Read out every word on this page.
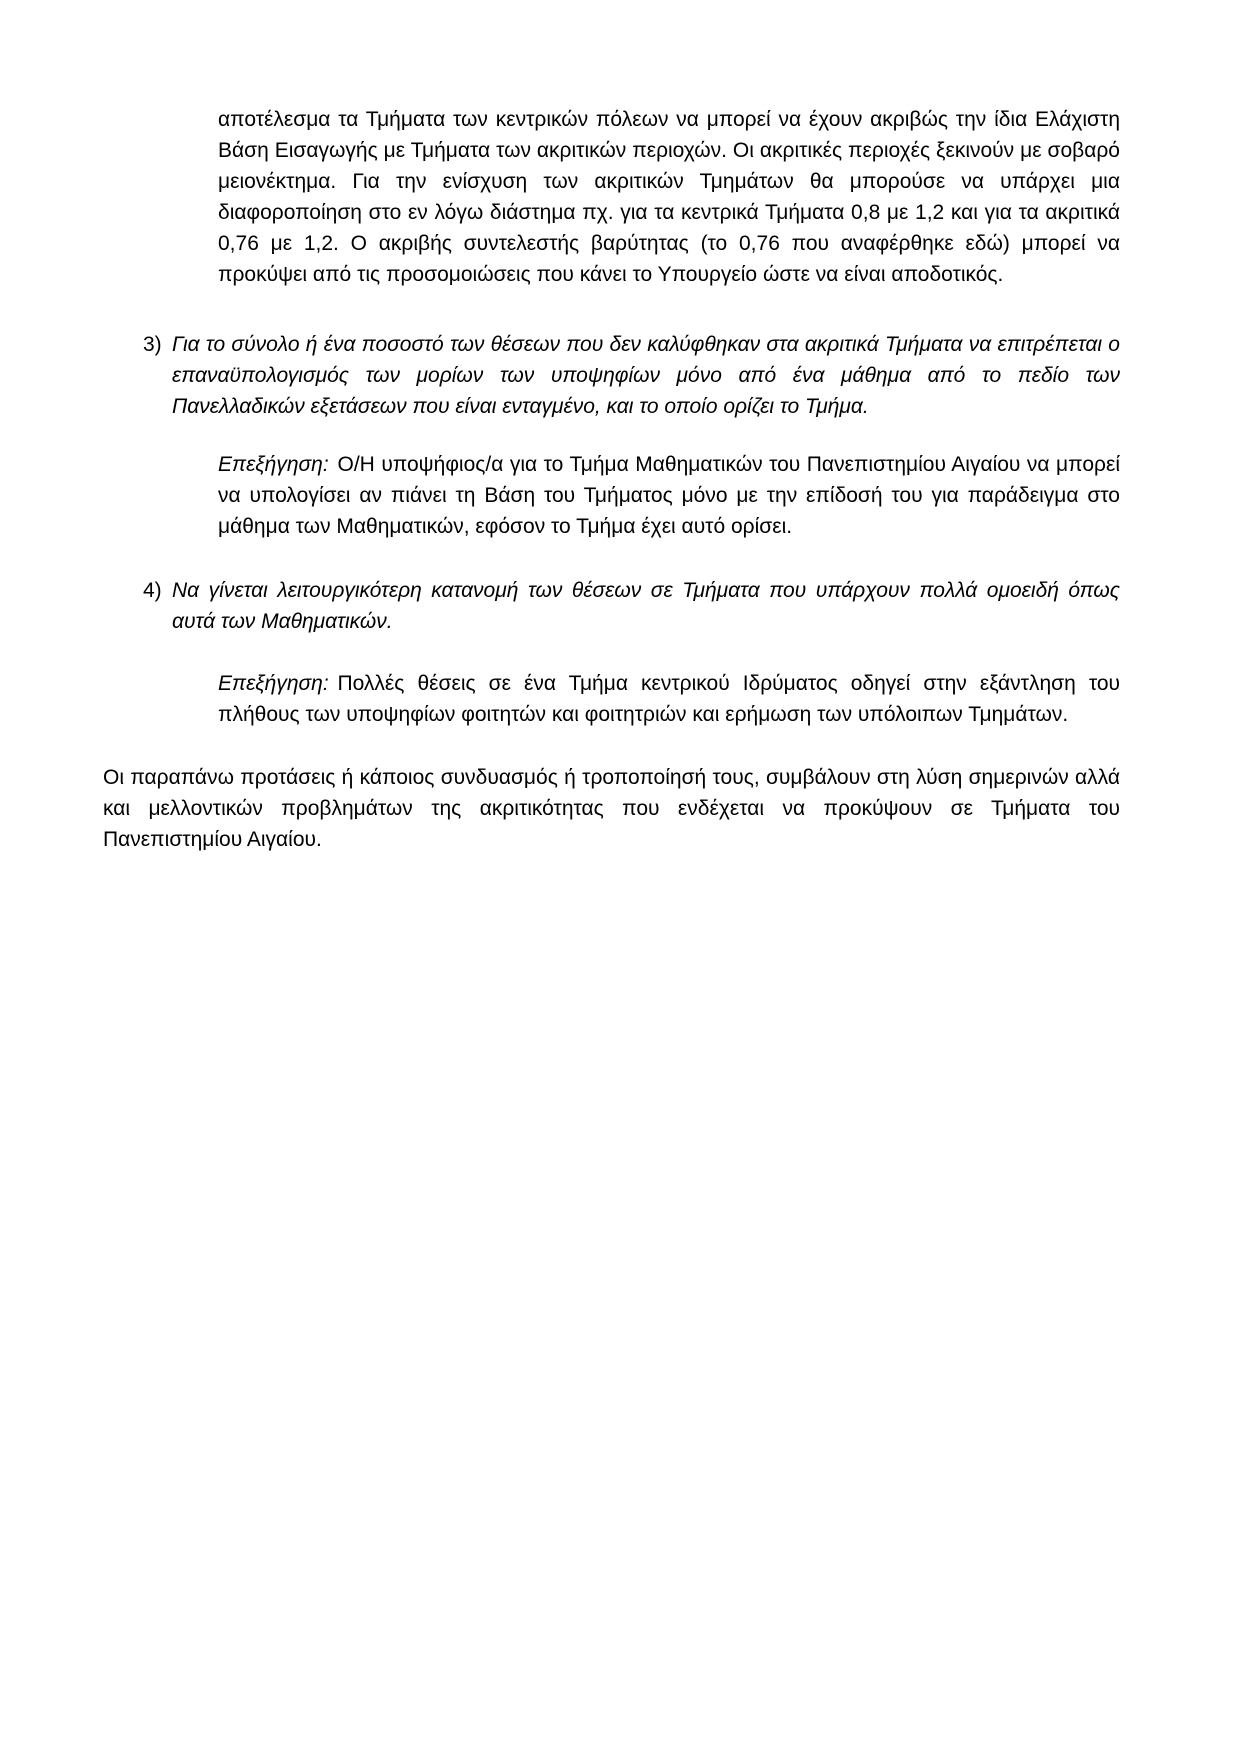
αποτέλεσμα τα Τμήματα των κεντρικών πόλεων να μπορεί να έχουν ακριβώς την ίδια Ελάχιστη Βάση Εισαγωγής με Τμήματα των ακριτικών περιοχών. Οι ακριτικές περιοχές ξεκινούν με σοβαρό μειονέκτημα. Για την ενίσχυση των ακριτικών Τμημάτων θα μπορούσε να υπάρχει μια διαφοροποίηση στο εν λόγω διάστημα πχ. για τα κεντρικά Τμήματα 0,8 με 1,2 και για τα ακριτικά 0,76 με 1,2. Ο ακριβής συντελεστής βαρύτητας (το 0,76 που αναφέρθηκε εδώ) μπορεί να προκύψει από τις προσομοιώσεις που κάνει το Υπουργείο ώστε να είναι αποδοτικός.

3) Για το σύνολο ή ένα ποσοστό των θέσεων που δεν καλύφθηκαν στα ακριτικά Τμήματα να επιτρέπεται ο επαναϋπολογισμός των μορίων των υποψηφίων μόνο από ένα μάθημα από το πεδίο των Πανελλαδικών εξετάσεων που είναι ενταγμένο, και το οποίο ορίζει το Τμήμα.

Επεξήγηση: Ο/Η υποψήφιος/α για το Τμήμα Μαθηματικών του Πανεπιστημίου Αιγαίου να μπορεί να υπολογίσει αν πιάνει τη Βάση του Τμήματος μόνο με την επίδοσή του για παράδειγμα στο μάθημα των Μαθηματικών, εφόσον το Τμήμα έχει αυτό ορίσει.

4) Να γίνεται λειτουργικότερη κατανομή των θέσεων σε Τμήματα που υπάρχουν πολλά ομοειδή όπως αυτά των Μαθηματικών.

Επεξήγηση: Πολλές θέσεις σε ένα Τμήμα κεντρικού Ιδρύματος οδηγεί στην εξάντληση του πλήθους των υποψηφίων φοιτητών και φοιτητριών και ερήμωση των υπόλοιπων Τμημάτων.

Οι παραπάνω προτάσεις ή κάποιος συνδυασμός ή τροποποίησή τους, συμβάλουν στη λύση σημερινών αλλά και μελλοντικών προβλημάτων της ακριτικότητας που ενδέχεται να προκύψουν σε Τμήματα του Πανεπιστημίου Αιγαίου.
